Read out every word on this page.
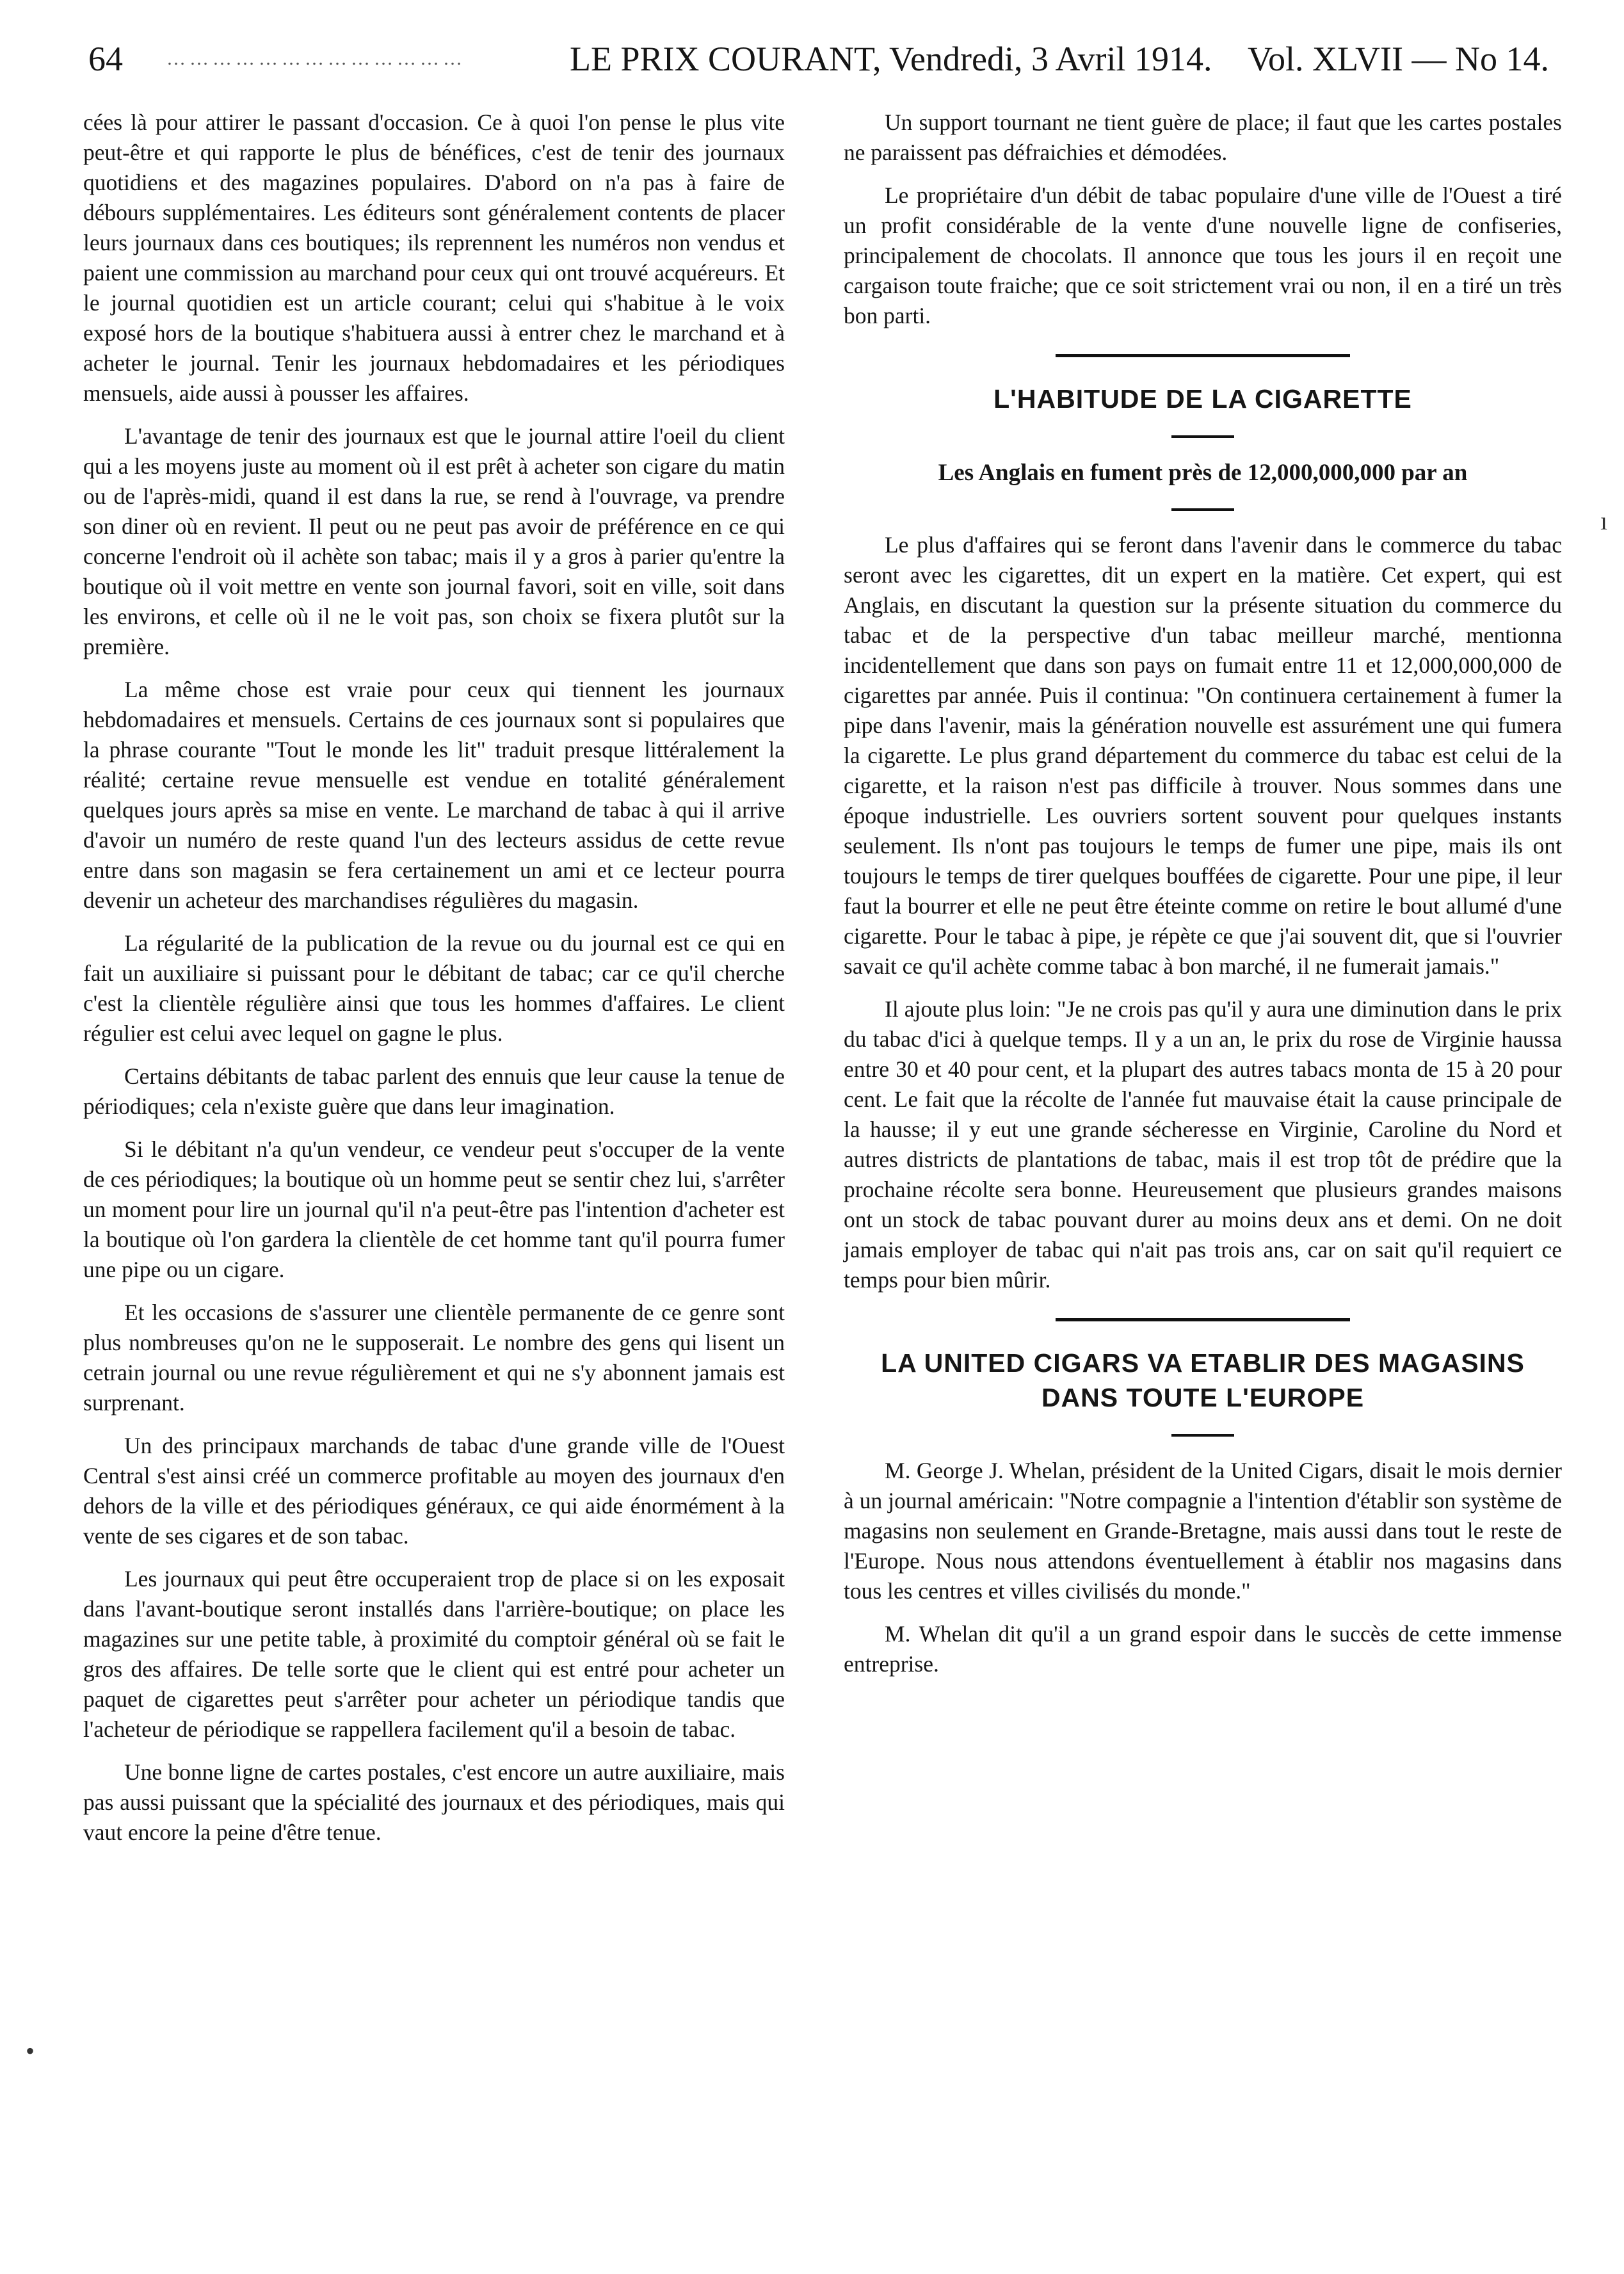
64 …………………………………	LE PRIX COURANT, Vendredi, 3 Avril 1914. Vol. XLVII — No 14.

cées là pour attirer le passant d'occasion. Ce à quoi l'on pense le plus vite peut-être et qui rapporte le plus de bénéfices, c'est de tenir des journaux quotidiens et des magazines populaires. D'abord on n'a pas à faire de débours supplémentaires. Les éditeurs sont généralement contents de placer leurs journaux dans ces boutiques; ils reprennent les numéros non vendus et paient une commission au marchand pour ceux qui ont trouvé acquéreurs. Et le journal quotidien est un article courant; celui qui s'habitue à le voix exposé hors de la boutique s'habituera aussi à entrer chez le marchand et à acheter le journal. Tenir les journaux hebdomadaires et les périodiques mensuels, aide aussi à pousser les affaires.

L'avantage de tenir des journaux est que le journal attire l'oeil du client qui a les moyens juste au moment où il est prêt à acheter son cigare du matin ou de l'après-midi, quand il est dans la rue, se rend à l'ouvrage, va prendre son diner où en revient. Il peut ou ne peut pas avoir de préférence en ce qui concerne l'endroit où il achète son tabac; mais il y a gros à parier qu'entre la boutique où il voit mettre en vente son journal favori, soit en ville, soit dans les environs, et celle où il ne le voit pas, son choix se fixera plutôt sur la première.

La même chose est vraie pour ceux qui tiennent les journaux hebdomadaires et mensuels. Certains de ces journaux sont si populaires que la phrase courante "Tout le monde les lit" traduit presque littéralement la réalité; certaine revue mensuelle est vendue en totalité généralement quelques jours après sa mise en vente. Le marchand de tabac à qui il arrive d'avoir un numéro de reste quand l'un des lecteurs assidus de cette revue entre dans son magasin se fera certainement un ami et ce lecteur pourra devenir un acheteur des marchandises régulières du magasin.

La régularité de la publication de la revue ou du journal est ce qui en fait un auxiliaire si puissant pour le débitant de tabac; car ce qu'il cherche c'est la clientèle régulière ainsi que tous les hommes d'affaires. Le client régulier est celui avec lequel on gagne le plus.

Certains débitants de tabac parlent des ennuis que leur cause la tenue de périodiques; cela n'existe guère que dans leur imagination.

Si le débitant n'a qu'un vendeur, ce vendeur peut s'occuper de la vente de ces périodiques; la boutique où un homme peut se sentir chez lui, s'arrêter un moment pour lire un journal qu'il n'a peut-être pas l'intention d'acheter est la boutique où l'on gardera la clientèle de cet homme tant qu'il pourra fumer une pipe ou un cigare.

Et les occasions de s'assurer une clientèle permanente de ce genre sont plus nombreuses qu'on ne le supposerait. Le nombre des gens qui lisent un cetrain journal ou une revue régulièrement et qui ne s'y abonnent jamais est surprenant.

Un des principaux marchands de tabac d'une grande ville de l'Ouest Central s'est ainsi créé un commerce profitable au moyen des journaux d'en dehors de la ville et des périodiques généraux, ce qui aide énormément à la vente de ses cigares et de son tabac.

Les journaux qui peut être occuperaient trop de place si on les exposait dans l'avant-boutique seront installés dans l'arrière-boutique; on place les magazines sur une petite table, à proximité du comptoir général où se fait le gros des affaires. De telle sorte que le client qui est entré pour acheter un paquet de cigarettes peut s'arrêter pour acheter un périodique tandis que l'acheteur de périodique se rappellera facilement qu'il a besoin de tabac.

Une bonne ligne de cartes postales, c'est encore un autre auxiliaire, mais pas aussi puissant que la spécialité des journaux et des périodiques, mais qui vaut encore la peine d'être tenue.

Un support tournant ne tient guère de place; il faut que les cartes postales ne paraissent pas défraichies et démodées.

Le propriétaire d'un débit de tabac populaire d'une ville de l'Ouest a tiré un profit considérable de la vente d'une nouvelle ligne de confiseries, principalement de chocolats. Il annonce que tous les jours il en reçoit une cargaison toute fraiche; que ce soit strictement vrai ou non, il en a tiré un très bon parti.

L'HABITUDE DE LA CIGARETTE
Les Anglais en fument près de 12,000,000,000 par an

Le plus d'affaires qui se feront dans l'avenir dans le commerce du tabac seront avec les cigarettes, dit un expert en la matière. Cet expert, qui est Anglais, en discutant la question sur la présente situation du commerce du tabac et de la perspective d'un tabac meilleur marché, mentionna incidentellement que dans son pays on fumait entre 11 et 12,000,000,000 de cigarettes par année. Puis il continua: "On continuera certainement à fumer la pipe dans l'avenir, mais la génération nouvelle est assurément une qui fumera la cigarette. Le plus grand département du commerce du tabac est celui de la cigarette, et la raison n'est pas difficile à trouver. Nous sommes dans une époque industrielle. Les ouvriers sortent souvent pour quelques instants seulement. Ils n'ont pas toujours le temps de fumer une pipe, mais ils ont toujours le temps de tirer quelques bouffées de cigarette. Pour une pipe, il leur faut la bourrer et elle ne peut être éteinte comme on retire le bout allumé d'une cigarette. Pour le tabac à pipe, je répète ce que j'ai souvent dit, que si l'ouvrier savait ce qu'il achète comme tabac à bon marché, il ne fumerait jamais."

Il ajoute plus loin: "Je ne crois pas qu'il y aura une diminution dans le prix du tabac d'ici à quelque temps. Il y a un an, le prix du rose de Virginie haussa entre 30 et 40 pour cent, et la plupart des autres tabacs monta de 15 à 20 pour cent. Le fait que la récolte de l'année fut mauvaise était la cause principale de la hausse; il y eut une grande sécheresse en Virginie, Caroline du Nord et autres districts de plantations de tabac, mais il est trop tôt de prédire que la prochaine récolte sera bonne. Heureusement que plusieurs grandes maisons ont un stock de tabac pouvant durer au moins deux ans et demi. On ne doit jamais employer de tabac qui n'ait pas trois ans, car on sait qu'il requiert ce temps pour bien mûrir.

LA UNITED CIGARS VA ETABLIR DES MAGASINS
DANS TOUTE L'EUROPE

M. George J. Whelan, président de la United Cigars, disait le mois dernier à un journal américain: "Notre compagnie a l'intention d'établir son système de magasins non seulement en Grande-Bretagne, mais aussi dans tout le reste de l'Europe. Nous nous attendons éventuellement à établir nos magasins dans tous les centres et villes civilisés du monde."

M. Whelan dit qu'il a un grand espoir dans le succès de cette immense entreprise.

ı
•
